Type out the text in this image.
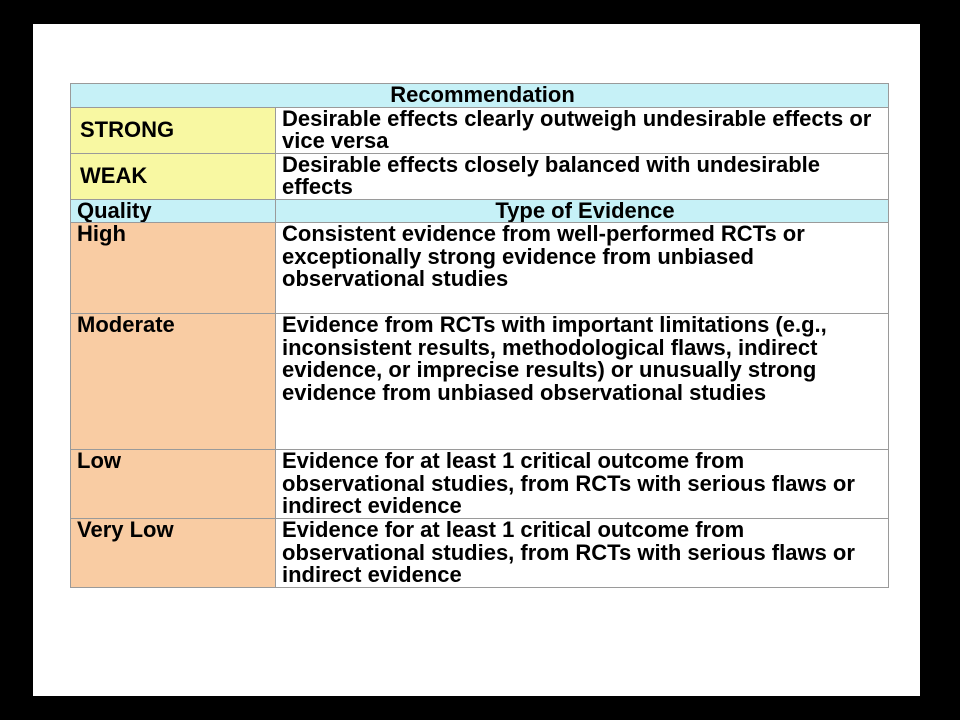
Recommendation	
STRONG	Desirable effects clearly outweigh undesirable effects or vice versa
WEAK	Desirable effects closely balanced with undesirable effects
Quality	Type of Evidence
High	Consistent evidence from well-performed RCTs or exceptionally strong evidence from unbiased observational studies
Moderate	Evidence from RCTs with important limitations (e.g., inconsistent results, methodological flaws, indirect evidence, or imprecise results) or unusually strong evidence from unbiased observational studies
Low	Evidence for at least 1 critical outcome from observational studies, from RCTs with serious flaws or indirect evidence
Very Low	Evidence for at least 1 critical outcome from observational studies, from RCTs with serious flaws or indirect evidence
